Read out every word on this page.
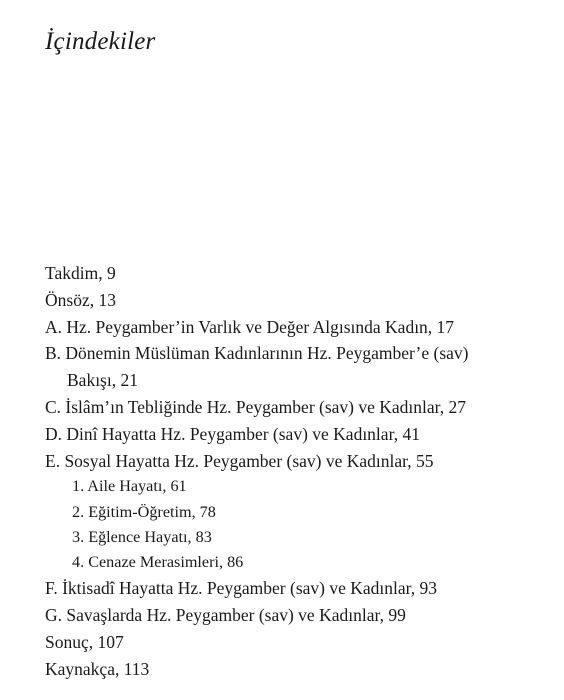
İçindekiler
Takdim, 9
Önsöz, 13
A. Hz. Peygamber’in Varlık ve Değer Algısında Kadın, 17
B. Dönemin Müslüman Kadınlarının Hz. Peygamber’e (sav)
Bakışı, 21
C. İslâm’ın Tebliğinde Hz. Peygamber (sav) ve Kadınlar, 27
D. Dinî Hayatta Hz. Peygamber (sav) ve Kadınlar, 41
E. Sosyal Hayatta Hz. Peygamber (sav) ve Kadınlar, 55
1. Aile Hayatı, 61
2. Eğitim-Öğretim, 78
3. Eğlence Hayatı, 83
4. Cenaze Merasimleri, 86
F. İktisadî Hayatta Hz. Peygamber (sav) ve Kadınlar, 93
G. Savaşlarda Hz. Peygamber (sav) ve Kadınlar, 99
Sonuç, 107
Kaynakça, 113
